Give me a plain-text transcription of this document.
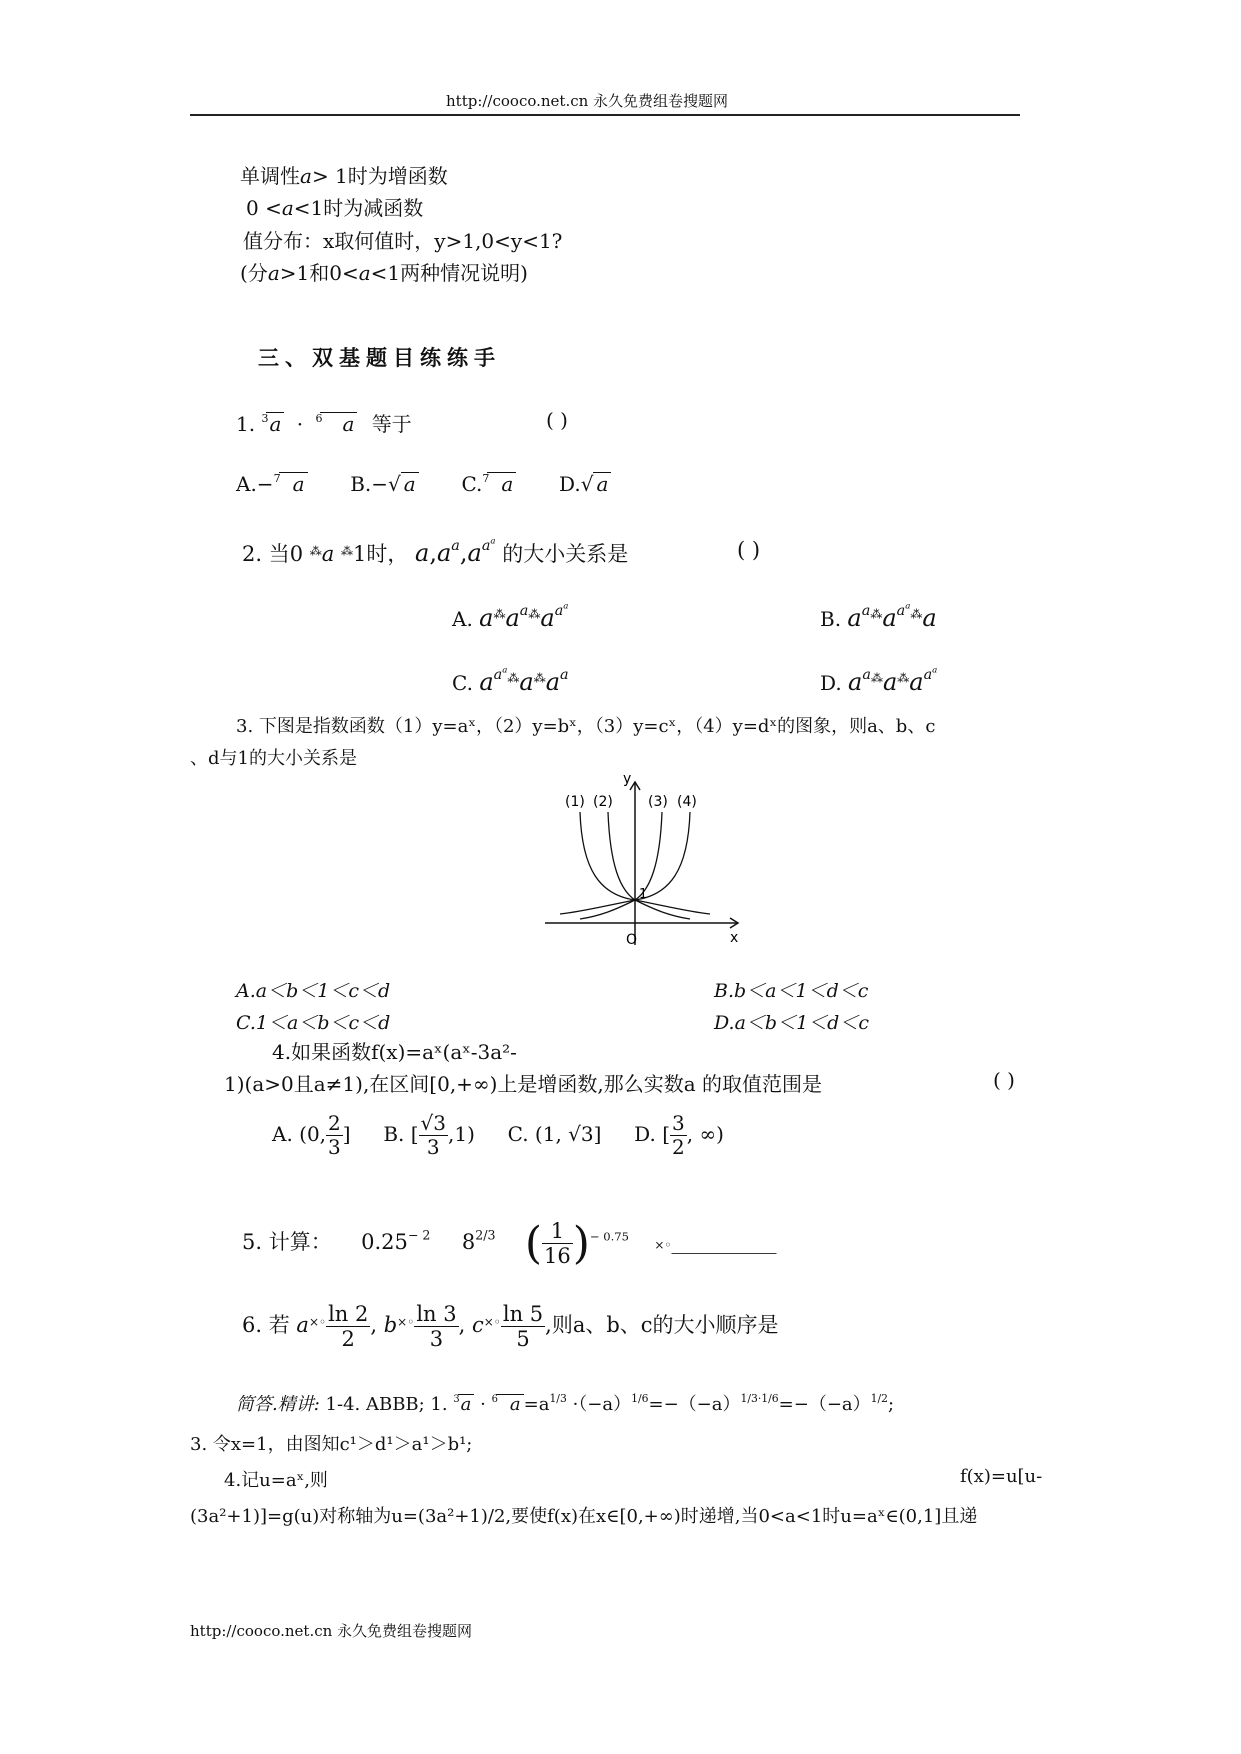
http://cooco.net.cn 永久免费组卷搜题网
单调性a> 1时为增函数
0 <a<1时为减函数
值分布：x取何值时，y>1,0<y<1?
(分a>1和0<a<1两种情况说明)
三、双基题目练练手
1. $^3$a · $^6$ a 等于	( )
A.−$^7$ a B.−√ a C.$^7$ a D.√ a
2. 当0 ⁂a ⁂1时， $a,a^a,a^{a^a}$ 的大小关系是	( )
A. $a^⁂a^{a⁂}a^{a^a}$
B. $a^{a⁂}a^{a^a⁂}a$
C. $a^{a^a⁂}a^⁂a^a$	D. $a^{a⁂}a^⁂a^{a^a}$
3. 下图是指数函数（1）y=aˣ，（2）y=bˣ，（3）y=cˣ，（4）y=dˣ的图象，则a、b、c
、d与1的大小关系是
(1) (2)	(3) (4)
y
x
O
1
A.a＜b＜1＜c＜d	B.b＜a＜1＜d＜c
C.1＜a＜b＜c＜d	D.a＜b＜1＜d＜c
4.如果函数f(x)=aˣ(aˣ-3a²-
1)(a>0且a≠1),在区间[0,+∞)上是增函数,那么实数a 的取值范围是	( )
A. (0, $\frac{2}{3}$ ] B. [ $\frac{√3}{3} ,1$) C. (1, √3] D. [ $\frac{3}{2}$ , ∞)
5. 计算： $0.25^{- 2}$ $8^{2/3}$ ( $\frac{1}{16} )^{- 0.75}$  ×◦__________
6. 若 $a^{\times◦} \frac{\ln 2}{2}$ , $b^{\times◦} \frac{\ln 3}{3}$ , $c^{\times◦} \frac{\ln 5}{5}$ ,则a、b、c的大小顺序是
简答.精讲: 1-4. ABBB; 1. $^3$a · $^6$ $a =a^{1/3} \cdot(-a)^{1/6}=-(-a)^{1/3\cdot 1/6}=-(-a)^{1/2}$;
3. 令x=1，由图知c¹＞d¹＞a¹＞b¹;
4.记u=aˣ,则	f(x)=u[u-
(3a²+1)]=g(u)对称轴为u=(3a²+1)/2,要使f(x)在x∈[0,+∞)时递增,当0<a<1时u=aˣ∈(0,1]且递
http://cooco.net.cn 永久免费组卷搜题网
